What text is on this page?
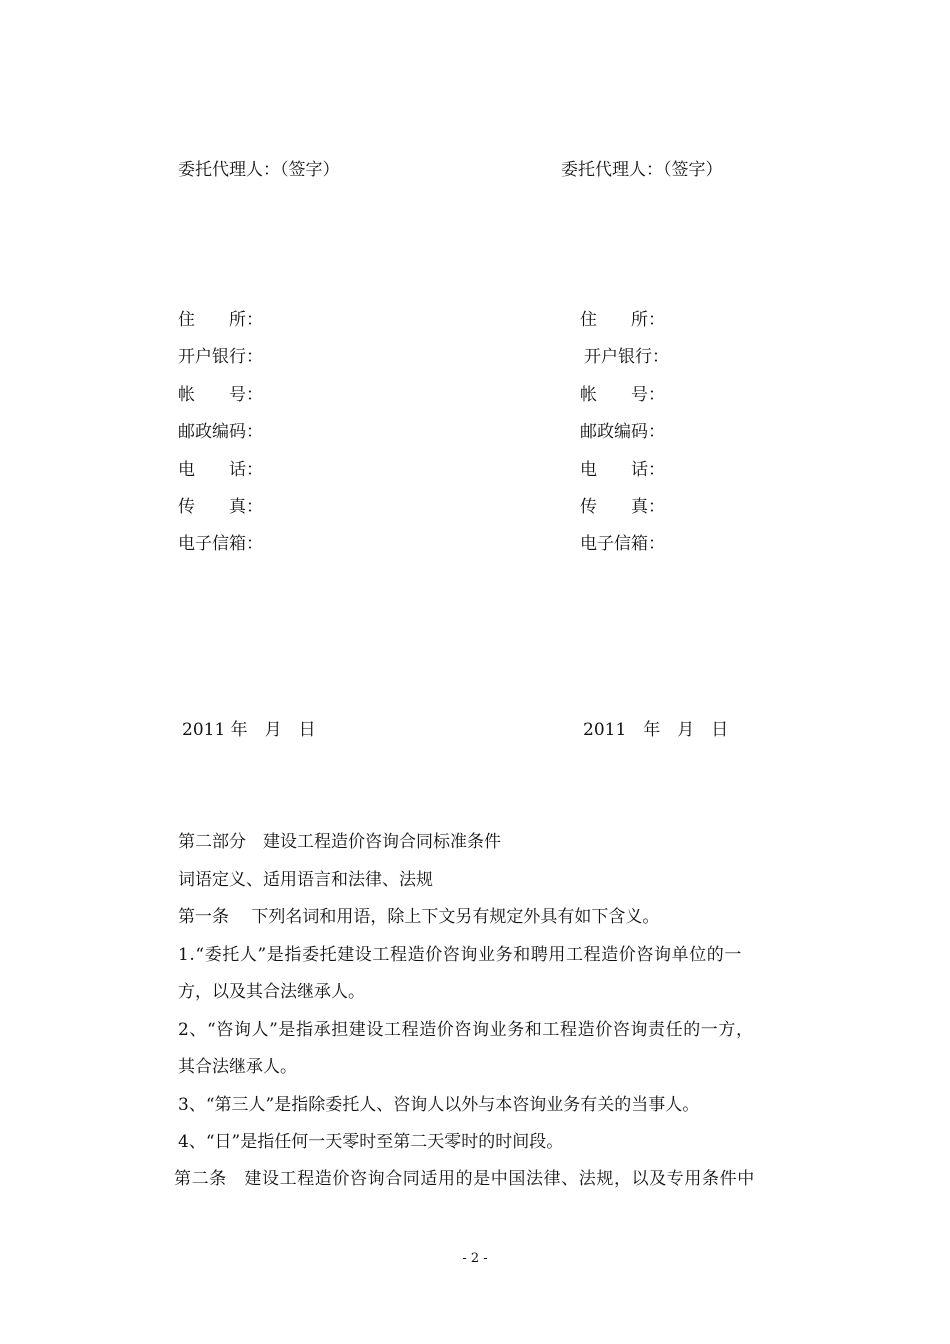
委托代理人：（签字）	委托代理人：（签字）
住　　所：
开户银行：
帐　　号：
邮政编码：
电　　话：
传　　真：
电子信箱：
住　　所：
开户银行：
帐　　号：
邮政编码：
电　　话：
传　　真：
电子信箱：
2011 年　月　日	2011　年　月　日
第二部分　建设工程造价咨询合同标准条件
词语定义、适用语言和法律、法规
第一条　 下列名词和用语，除上下文另有规定外具有如下含义。
1.“委托人”是指委托建设工程造价咨询业务和聘用工程造价咨询单位的一
方，以及其合法继承人。
2、“咨询人”是指承担建设工程造价咨询业务和工程造价咨询责任的一方，
其合法继承人。
3、“第三人”是指除委托人、咨询人以外与本咨询业务有关的当事人。
4、“日”是指任何一天零时至第二天零时的时间段。
第二条　建设工程造价咨询合同适用的是中国法律、法规，以及专用条件中
- 2 -
